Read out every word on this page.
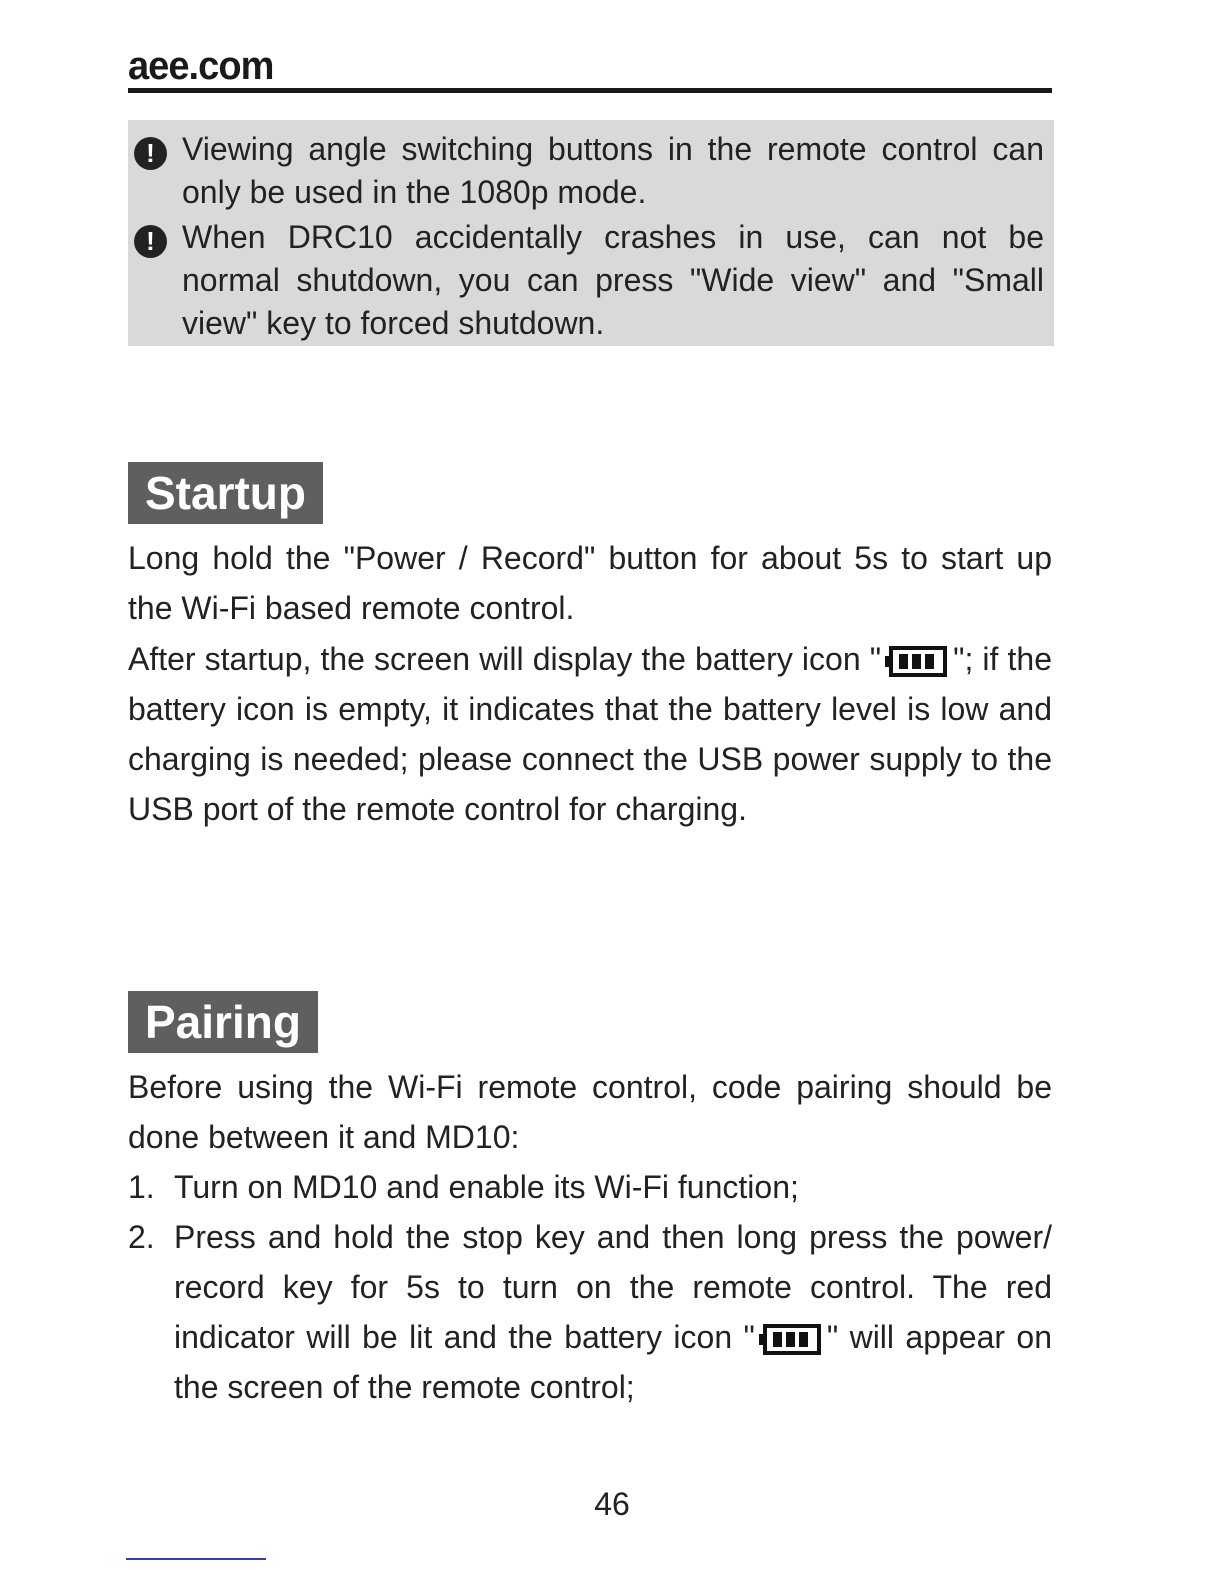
aee.com
! Viewing angle switching buttons in the remote control can only be used in the 1080p mode.
! When DRC10 accidentally crashes in use, can not be normal shutdown, you can press "Wide view" and "Small view" key to forced shutdown.
Startup
Long hold the "Power / Record" button for about 5s to start up the Wi-Fi based remote control.
After startup, the screen will display the battery icon " "; if the battery icon is empty, it indicates that the battery level is low and charging is needed; please connect the USB power supply to the USB port of the remote control for charging.
Pairing
Before using the Wi-Fi remote control, code pairing should be done between it and MD10:
1. Turn on MD10 and enable its Wi-Fi function;
2. Press and hold the stop key and then long press the power/ record key for 5s to turn on the remote control. The red indicator will be lit and the battery icon " " will appear on the screen of the remote control;
46
